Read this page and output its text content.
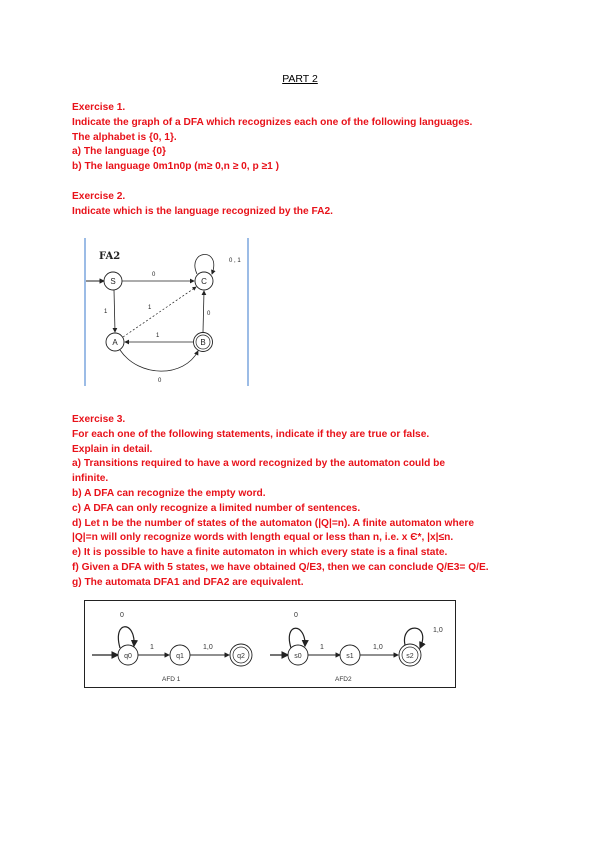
PART 2
Exercise 1.
Indicate the graph of a DFA which recognizes each one of the following languages.
The alphabet is {0, 1}.
a) The language {0}
b) The language 0m1n0p (m≥ 0,n ≥ 0, p ≥1 )
Exercise 2.
Indicate which is the language recognized by the FA2.
FA2
S	C
0 , 1
A	B
0
1
1
0
1
0
Exercise 3.
For each one of the following statements, indicate if they are true or false.
Explain in detail.
a) Transitions required to have a word recognized by the automaton could be
infinite.
b) A DFA can recognize the empty word.
c) A DFA can only recognize a limited number of sentences.
d) Let n be the number of states of the automaton (|Q|=n). A finite automaton where
|Q|=n will only recognize words with length equal or less than n, i.e. x Є*, |x|≤n.
e) It is possible to have a finite automaton in which every state is a final state.
f) Given a DFA with 5 states, we have obtained Q/E3, then we can conclude Q/E3= Q/E.
g) The automata DFA1 and DFA2 are equivalent.
q0
0
1
q1
1,0
q2
AFD 1
s0
0
1
s1
1,0
s2
1,0
AFD2
